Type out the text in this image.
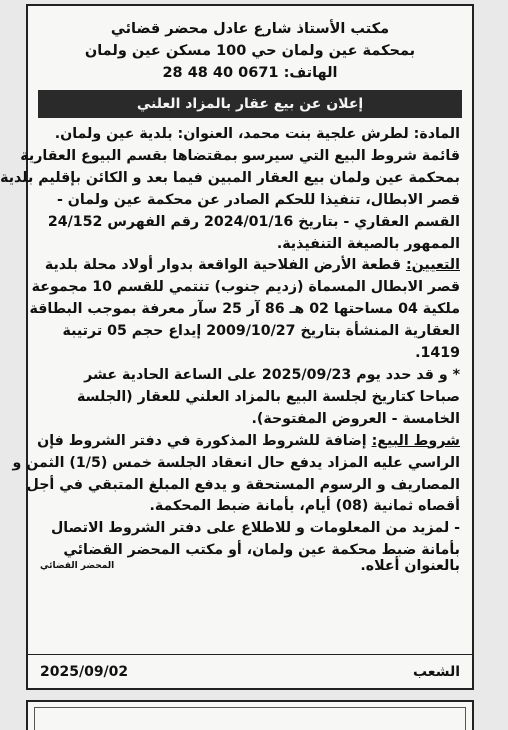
مكتب الأستاذ شارع عادل محضر قضائي
بمحكمة عين ولمان حي 100 مسكن عين ولمان
الهاتف: 28 48 40 0671
إعلان عن بيع عقار بالمزاد العلني
المادة: لطرش علجية بنت محمد، العنوان: بلدية عين ولمان.
قائمة شروط البيع التي سيرسو بمقتضاها بقسم البيوع العقارية
بمحكمة عين ولمان بيع العقار المبين فيما بعد و الكائن بإقليم بلدية
قصر الابطال، تنفيذا للحكم الصادر عن محكمة عين ولمان -
القسم العقاري - بتاريخ 2024/01/16 رقم الفهرس 24/152
الممهور بالصيغة التنفيذية.
التعيين: قطعة الأرض الفلاحية الواقعة بدوار أولاد محلة بلدية
قصر الابطال المسماة (زديم جنوب) تنتمي للقسم 10 مجموعة
ملكية 04 مساحتها 02 هـ 86 آر 25 سآر معرفة بموجب البطاقة
العقارية المنشأة بتاريخ 2009/10/27 إيداع حجم 05 ترتيبة
1419.
* و قد حدد يوم 2025/09/23 على الساعة الحادية عشر
صباحا كتاريخ لجلسة البيع بالمزاد العلني للعقار (الجلسة
الخامسة - العروض المفتوحة).
شروط البيع: إضافة للشروط المذكورة في دفتر الشروط فإن
الراسي عليه المزاد يدفع حال انعقاد الجلسة خمس (1/5) الثمن و
المصاريف و الرسوم المستحقة و يدفع المبلغ المتبقي في أجل
أقصاه ثمانية (08) أيام، بأمانة ضبط المحكمة.
- لمزيد من المعلومات و للاطلاع على دفتر الشروط الاتصال
بأمانة ضبط محكمة عين ولمان، أو مكتب المحضر القضائي
بالعنوان أعلاه.
المحضر القضائي
الشعب
2025/09/02
